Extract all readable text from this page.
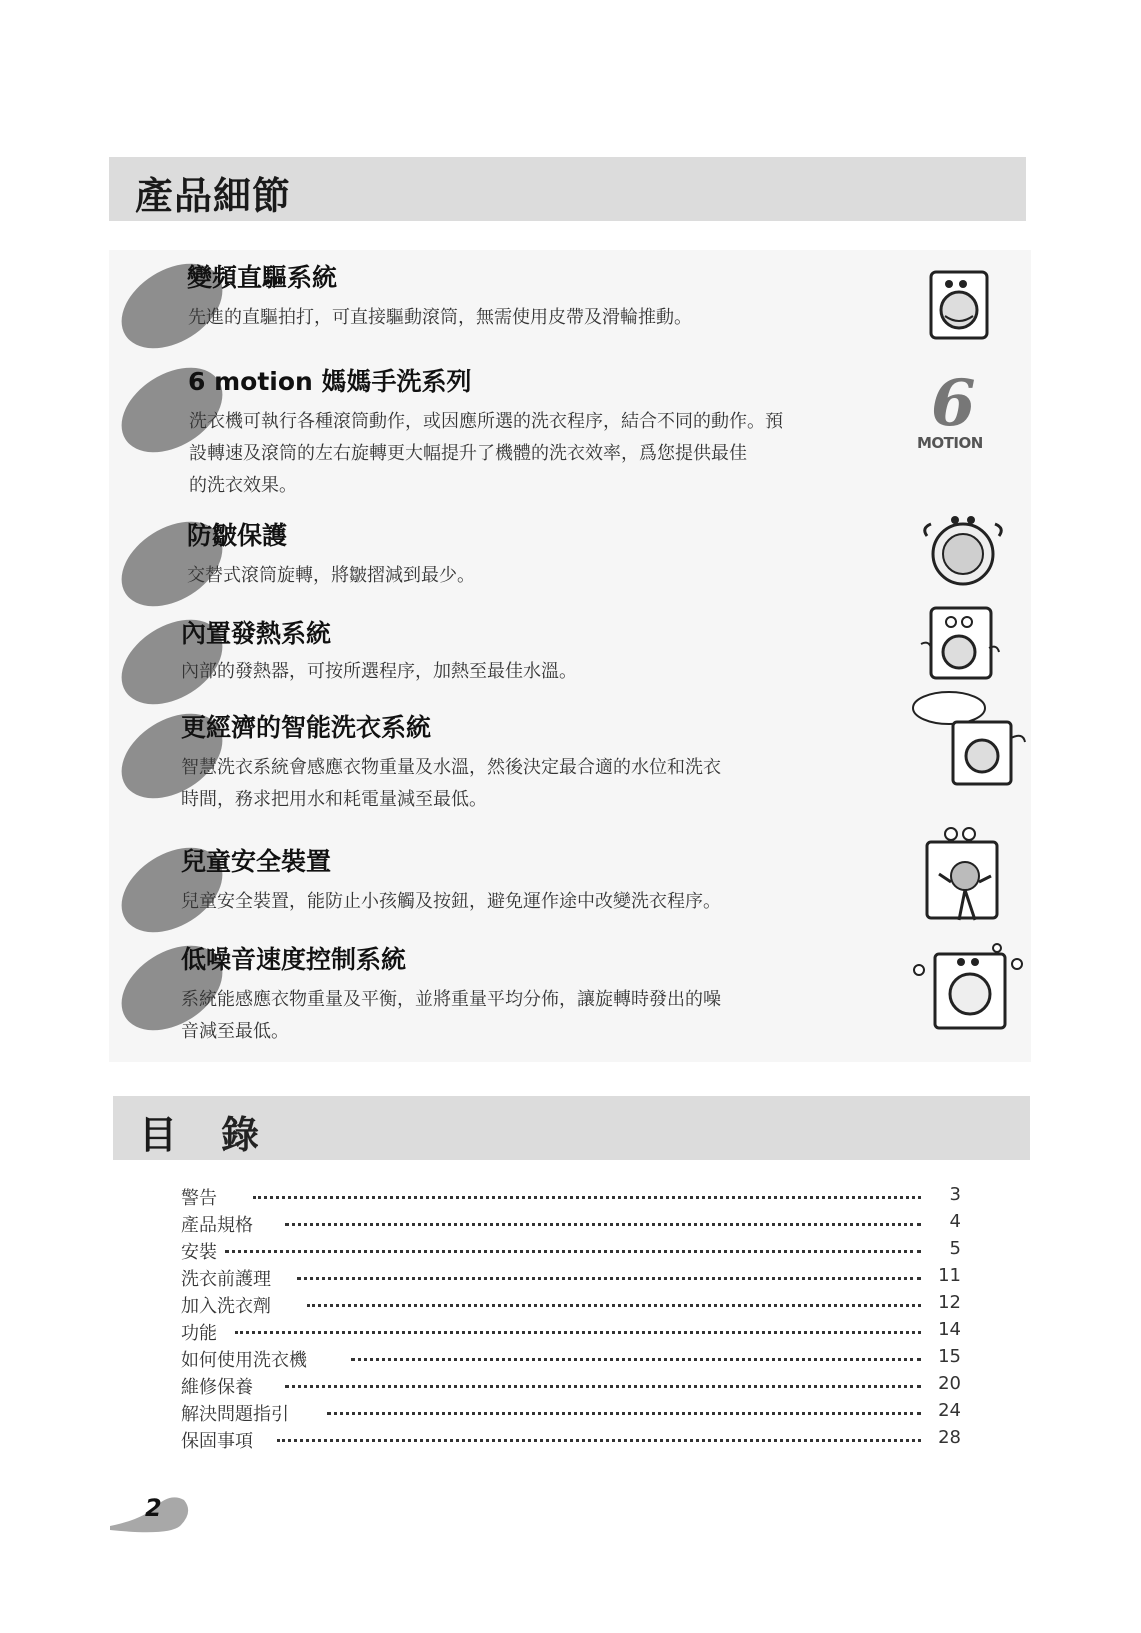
產品細節
變頻直驅系統
先進的直驅拍打，可直接驅動滾筒，無需使用皮帶及滑輪推動。
6 motion 媽媽手洗系列
洗衣機可執行各種滾筒動作，或因應所選的洗衣程序，結合不同的動作。預
設轉速及滾筒的左右旋轉更大幅提升了機體的洗衣效率，爲您提供最佳
的洗衣效果。
6
MOTION
防皺保護
交替式滾筒旋轉，將皺摺減到最少。
內置發熱系統
內部的發熱器，可按所選程序，加熱至最佳水溫。
更經濟的智能洗衣系統
智慧洗衣系統會感應衣物重量及水溫，然後決定最合適的水位和洗衣
時間，務求把用水和耗電量減至最低。
兒童安全裝置
兒童安全裝置，能防止小孩觸及按鈕，避免運作途中改變洗衣程序。
低噪音速度控制系統
系統能感應衣物重量及平衡，並將重量平均分佈，讓旋轉時發出的噪
音減至最低。
目 錄
警告	3
產品規格	4
安裝	5
洗衣前護理	11
加入洗衣劑	12
功能	14
如何使用洗衣機	15
維修保養	20
解決問題指引	24
保固事項	28
2
